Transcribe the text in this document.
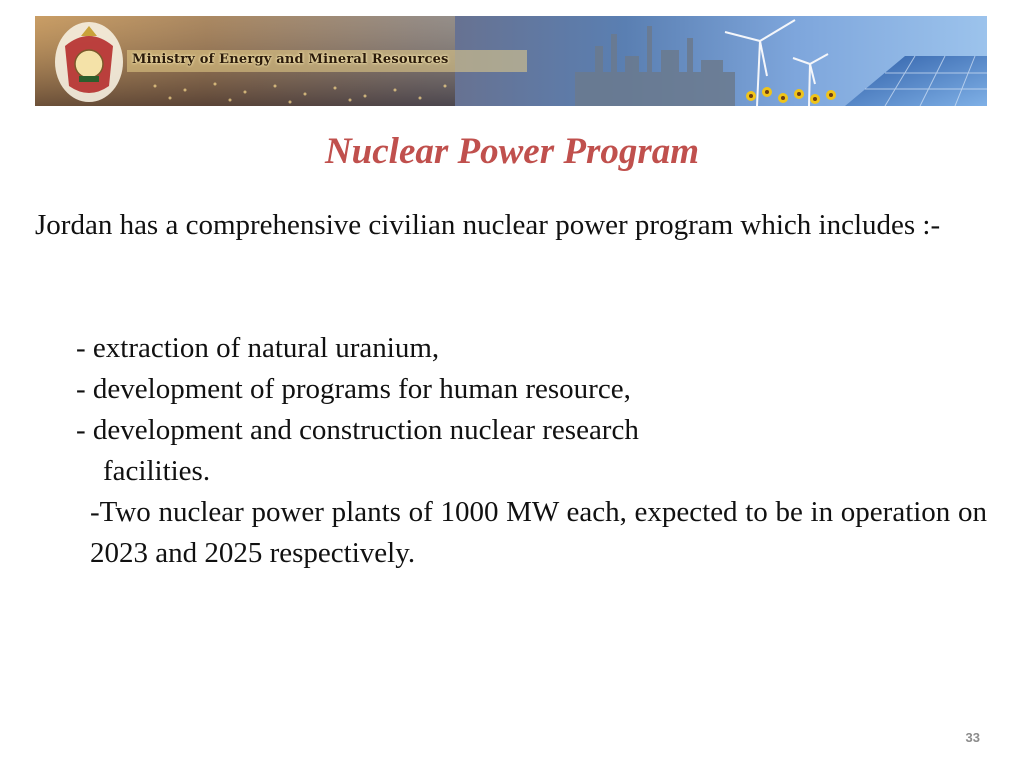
Ministry of Energy and Mineral Resources
Nuclear Power Program

Jordan has a comprehensive civilian nuclear power program which includes :-

- extraction of natural uranium,
- development of programs for human resource,
- development and construction nuclear research
facilities.
-Two nuclear power plants of 1000 MW each, expected to be in operation on 2023 and 2025 respectively.
33
